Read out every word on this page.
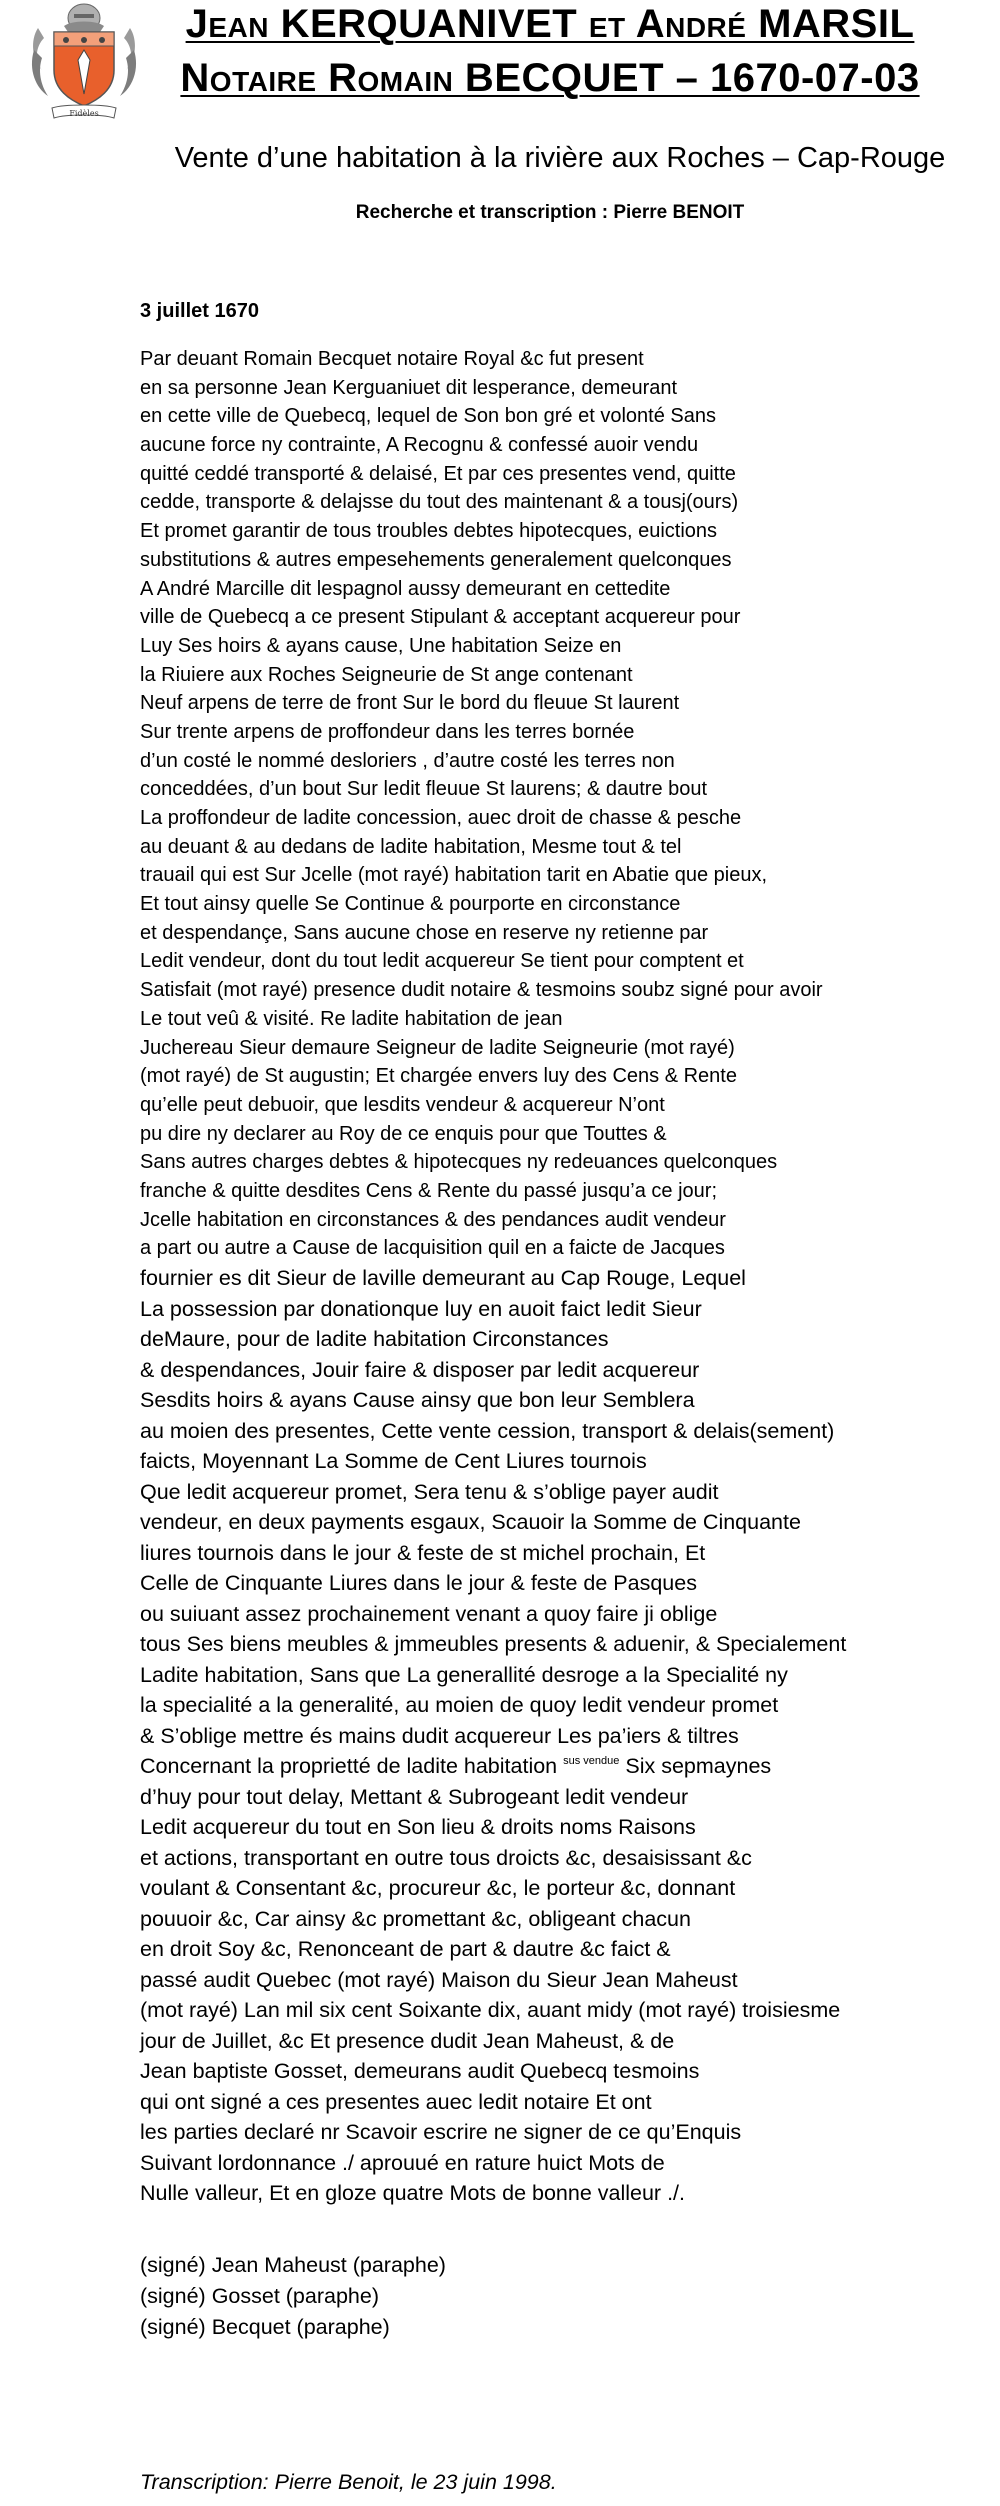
Fidèles
Jean KERQUANIVET et André MARSIL
Notaire Romain BECQUET – 1670-07-03
Vente d’une habitation à la rivière aux Roches – Cap-Rouge
Recherche et transcription : Pierre BENOIT
3 juillet 1670
Par deuant Romain Becquet notaire Royal &c fut present
en sa personne Jean Kerguaniuet dit lesperance, demeurant
en cette ville de Quebecq, lequel de Son bon gré et volonté Sans
aucune force ny contrainte, A Recognu & confessé auoir vendu
quitté ceddé transporté & delaisé, Et par ces presentes vend, quitte
cedde, transporte & delajsse du tout des maintenant & a tousj(ours)
Et promet garantir de tous troubles debtes hipotecques, euictions
substitutions & autres empesehements generalement quelconques
A André Marcille dit lespagnol aussy demeurant en cettedite
ville de Quebecq a ce present Stipulant & acceptant acquereur pour
Luy Ses hoirs & ayans cause, Une habitation Seize en
la Riuiere aux Roches Seigneurie de St ange contenant
Neuf arpens de terre de front Sur le bord du fleuue St laurent
Sur trente arpens de proffondeur dans les terres bornée
d’un costé le nommé desloriers , d’autre costé les terres non
conceddées, d’un bout Sur ledit fleuue St laurens; & dautre bout
La proffondeur de ladite concession, auec droit de chasse & pesche
au deuant & au dedans de ladite habitation, Mesme tout & tel
trauail qui est Sur Jcelle (mot rayé) habitation tarit en Abatie que pieux,
Et tout ainsy quelle Se Continue & pourporte en circonstance
et despendançe, Sans aucune chose en reserve ny retienne par
Ledit vendeur, dont du tout ledit acquereur Se tient pour comptent et
Satisfait (mot rayé) presence dudit notaire & tesmoins soubz signé pour avoir
Le tout veû & visité. Re ladite habitation de jean
Juchereau Sieur demaure Seigneur de ladite Seigneurie (mot rayé)
(mot rayé) de St augustin; Et chargée envers luy des Cens & Rente
qu’elle peut debuoir, que lesdits vendeur & acquereur N’ont
pu dire ny declarer au Roy de ce enquis pour que Touttes &
Sans autres charges debtes & hipotecques ny redeuances quelconques
franche & quitte desdites Cens & Rente du passé jusqu’a ce jour;
Jcelle habitation en circonstances & des pendances audit vendeur
a part ou autre a Cause de lacquisition quil en a faicte de Jacques
fournier es dit Sieur de laville demeurant au Cap Rouge, Lequel
La possession par donationque luy en auoit faict ledit Sieur
deMaure, pour de ladite habitation Circonstances
& despendances, Jouir faire & disposer par ledit acquereur
Sesdits hoirs & ayans Cause ainsy que bon leur Semblera
au moien des presentes, Cette vente cession, transport & delais(sement)
faicts, Moyennant La Somme de Cent Liures tournois
Que ledit acquereur promet, Sera tenu & s’oblige payer audit
vendeur, en deux payments esgaux, Scauoir la Somme de Cinquante
liures tournois dans le jour & feste de st michel prochain, Et
Celle de Cinquante Liures dans le jour & feste de Pasques
ou suiuant assez prochainement venant a quoy faire ji oblige
tous Ses biens meubles & jmmeubles presents & aduenir, & Specialement
Ladite habitation, Sans que La generallité desroge a la Specialité ny
la specialité a la generalité, au moien de quoy ledit vendeur promet
& S’oblige mettre és mains dudit acquereur Les pa’iers & tiltres
Concernant la proprietté de ladite habitation $^{sus vendue}$ Six sepmaynes
d’huy pour tout delay, Mettant & Subrogeant ledit vendeur
Ledit acquereur du tout en Son lieu & droits noms Raisons
et actions, transportant en outre tous droicts &c, desaisissant &c
voulant & Consentant &c, procureur &c, le porteur &c, donnant
pouuoir &c, Car ainsy &c promettant &c, obligeant chacun
en droit Soy &c, Renonceant de part & dautre &c faict &
passé audit Quebec (mot rayé) Maison du Sieur Jean Maheust
(mot rayé) Lan mil six cent Soixante dix, auant midy (mot rayé) troisiesme
jour de Juillet, &c Et presence dudit Jean Maheust, & de
Jean baptiste Gosset, demeurans audit Quebecq tesmoins
qui ont signé a ces presentes auec ledit notaire Et ont
les parties declaré nr Scavoir escrire ne signer de ce qu’Enquis
Suivant lordonnance ./ aprouué en rature huict Mots de
Nulle valleur, Et en gloze quatre Mots de bonne valleur ./.
(signé) Jean Maheust (paraphe)
(signé) Gosset (paraphe)
(signé) Becquet (paraphe)
Transcription: Pierre Benoit, le 23 juin 1998.
